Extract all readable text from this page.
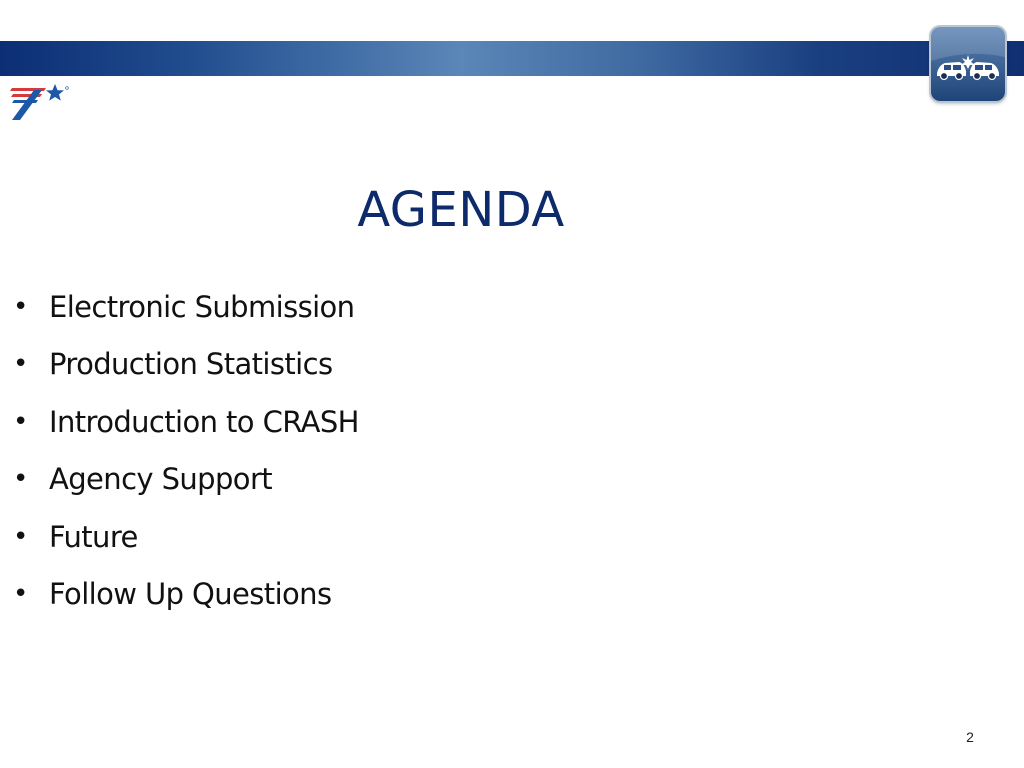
AGENDA
• Electronic Submission
• Production Statistics
• Introduction to CRASH
• Agency Support
• Future
• Follow Up Questions
2
